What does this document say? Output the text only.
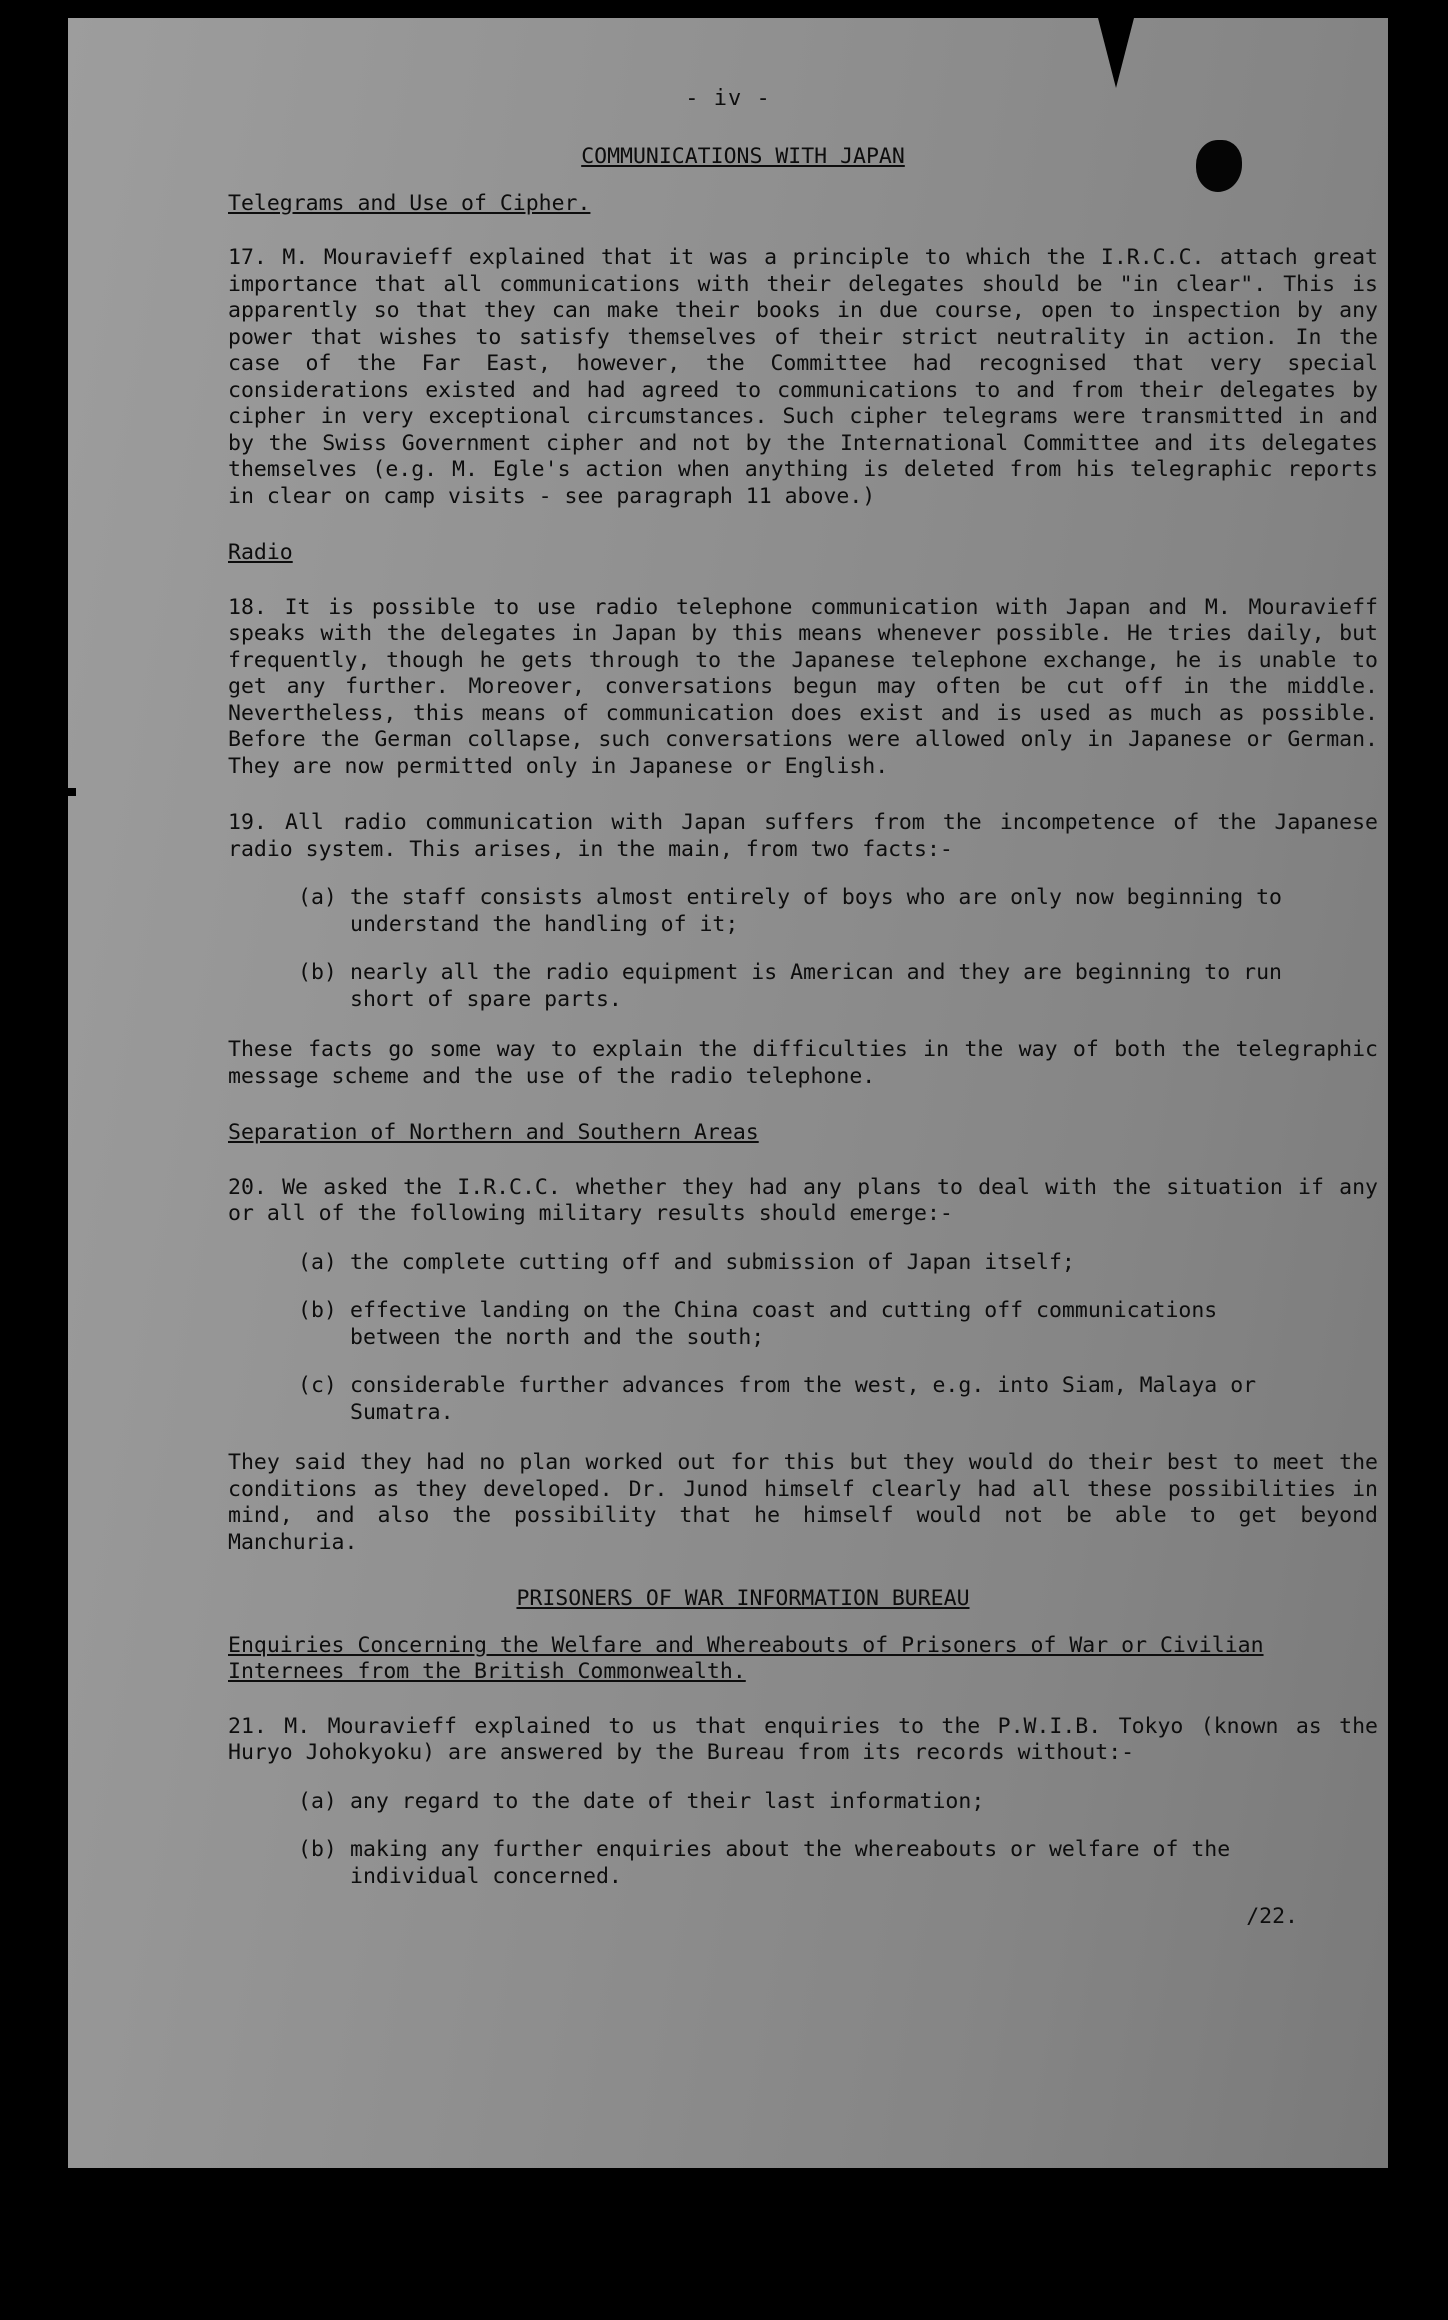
- iv -
COMMUNICATIONS WITH JAPAN
Telegrams and Use of Cipher.

17. M. Mouravieff explained that it was a principle to which the I.R.C.C. attach great importance that all communications with their delegates should be "in clear". This is apparently so that they can make their books in due course, open to inspection by any power that wishes to satisfy themselves of their strict neutrality in action. In the case of the Far East, however, the Committee had recognised that very special considerations existed and had agreed to communications to and from their delegates by cipher in very exceptional circumstances. Such cipher telegrams were transmitted in and by the Swiss Government cipher and not by the International Committee and its delegates themselves (e.g. M. Egle's action when anything is deleted from his telegraphic reports in clear on camp visits - see paragraph 11 above.)

Radio

18. It is possible to use radio telephone communication with Japan and M. Mouravieff speaks with the delegates in Japan by this means whenever possible. He tries daily, but frequently, though he gets through to the Japanese telephone exchange, he is unable to get any further. Moreover, conversations begun may often be cut off in the middle. Nevertheless, this means of communication does exist and is used as much as possible. Before the German collapse, such conversations were allowed only in Japanese or German. They are now permitted only in Japanese or English.

19. All radio communication with Japan suffers from the incompetence of the Japanese radio system. This arises, in the main, from two facts:-

(a) the staff consists almost entirely of boys who are only now beginning to understand the handling of it;
(b) nearly all the radio equipment is American and they are beginning to run short of spare parts.

These facts go some way to explain the difficulties in the way of both the telegraphic message scheme and the use of the radio telephone.

Separation of Northern and Southern Areas

20. We asked the I.R.C.C. whether they had any plans to deal with the situation if any or all of the following military results should emerge:-

(a) the complete cutting off and submission of Japan itself;
(b) effective landing on the China coast and cutting off communications between the north and the south;
(c) considerable further advances from the west, e.g. into Siam, Malaya or Sumatra.

They said they had no plan worked out for this but they would do their best to meet the conditions as they developed. Dr. Junod himself clearly had all these possibilities in mind, and also the possibility that he himself would not be able to get beyond Manchuria.

PRISONERS OF WAR INFORMATION BUREAU
Enquiries Concerning the Welfare and Whereabouts of Prisoners of War or Civilian Internees from the British Commonwealth.

21. M. Mouravieff explained to us that enquiries to the P.W.I.B. Tokyo (known as the Huryo Johokyoku) are answered by the Bureau from its records without:-

(a) any regard to the date of their last information;
(b) making any further enquiries about the whereabouts or welfare of the individual concerned.
/22.
